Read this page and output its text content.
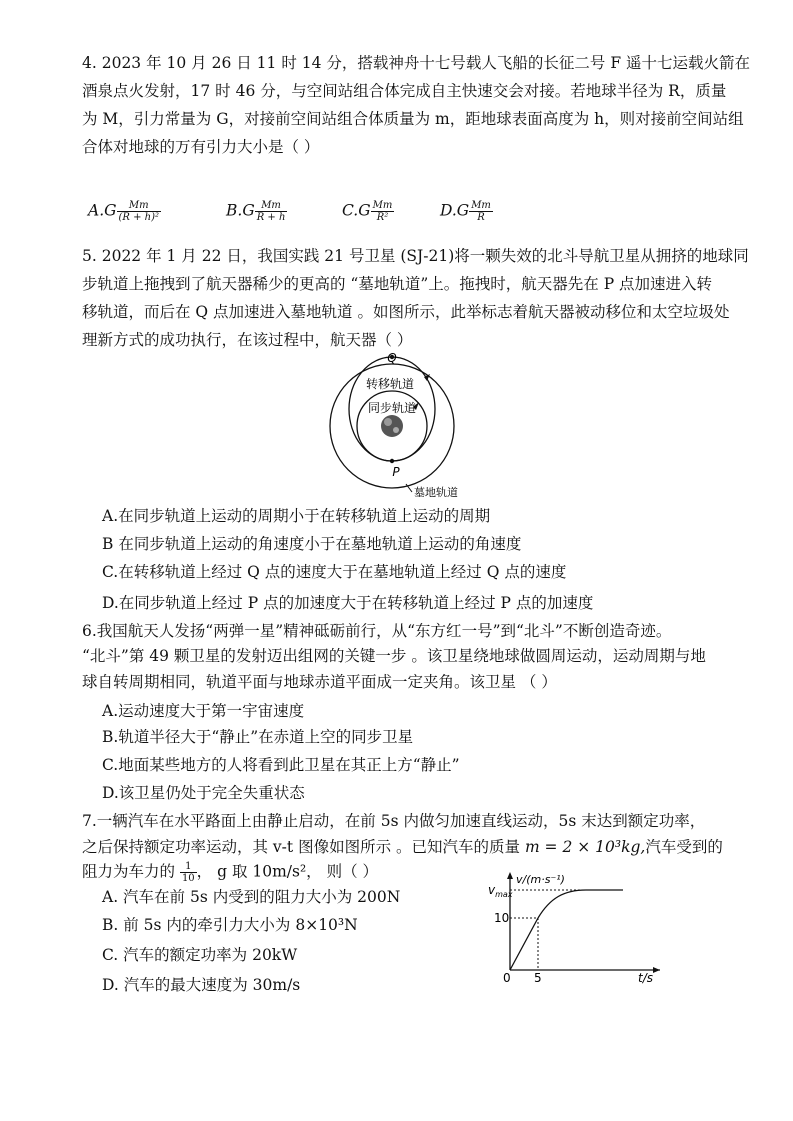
4. 2023 年 10 月 26 日 11 时 14 分，搭载神舟十七号载人飞船的长征二号 F 遥十七运载火箭在
酒泉点火发射，17 时 46 分，与空间站组合体完成自主快速交会对接。若地球半径为 R，质量
为 M，引力常量为 G，对接前空间站组合体质量为 m，距地球表面高度为 h，则对接前空间站组
合体对地球的万有引力大小是（ ）
$A.G \frac{Mm}{\text{(R + h)²}}$	$B.G \frac{Mm}{R + h}$	$C.G \frac{Mm}{\text{R²}}$	$D.G \frac{Mm}{R}$
5. 2022 年 1 月 22 日，我国实践 21 号卫星 (SJ-21)将一颗失效的北斗导航卫星从拥挤的地球同
步轨道上拖拽到了航天器稀少的更高的 “墓地轨道”上。拖拽时，航天器先在 P 点加速进入转
移轨道，而后在 Q 点加速进入墓地轨道 。如图所示，此举标志着航天器被动移位和太空垃圾处
理新方式的成功执行，在该过程中，航天器（ ）
Q
P
转移轨道
同步轨道
墓地轨道
A.在同步轨道上运动的周期小于在转移轨道上运动的周期
B 在同步轨道上运动的角速度小于在墓地轨道上运动的角速度
C.在转移轨道上经过 Q 点的速度大于在墓地轨道上经过 Q 点的速度
D.在同步轨道上经过 P 点的加速度大于在转移轨道上经过 P 点的加速度
6.我国航天人发扬“两弹一星”精神砥砺前行，从“东方红一号”到“北斗”不断创造奇迹。
“北斗”第 49 颗卫星的发射迈出组网的关键一步 。该卫星绕地球做圆周运动，运动周期与地
球自转周期相同，轨道平面与地球赤道平面成一定夹角。该卫星 （ ）
A.运动速度大于第一宇宙速度
B.轨道半径大于“静止”在赤道上空的同步卫星
C.地面某些地方的人将看到此卫星在其正上方“静止”
D.该卫星仍处于完全失重状态
7.一辆汽车在水平路面上由静止启动，在前 5s 内做匀加速直线运动，5s 末达到额定功率，
之后保持额定功率运动，其 v-t 图像如图所示 。已知汽车的质量 m = 2 × 10³kg,汽车受到的
阻力为车力的 $\frac{1}{10}$ ， g 取 10m/s²， 则（ ）
A. 汽车在前 5s 内受到的阻力大小为 200N
B. 前 5s 内的牵引力大小为 8×10³N
C. 汽车的额定功率为 20kW
D. 汽车的最大速度为 30m/s
v/(m·s⁻¹)
$v_{max}$
10
5
0	t/s
